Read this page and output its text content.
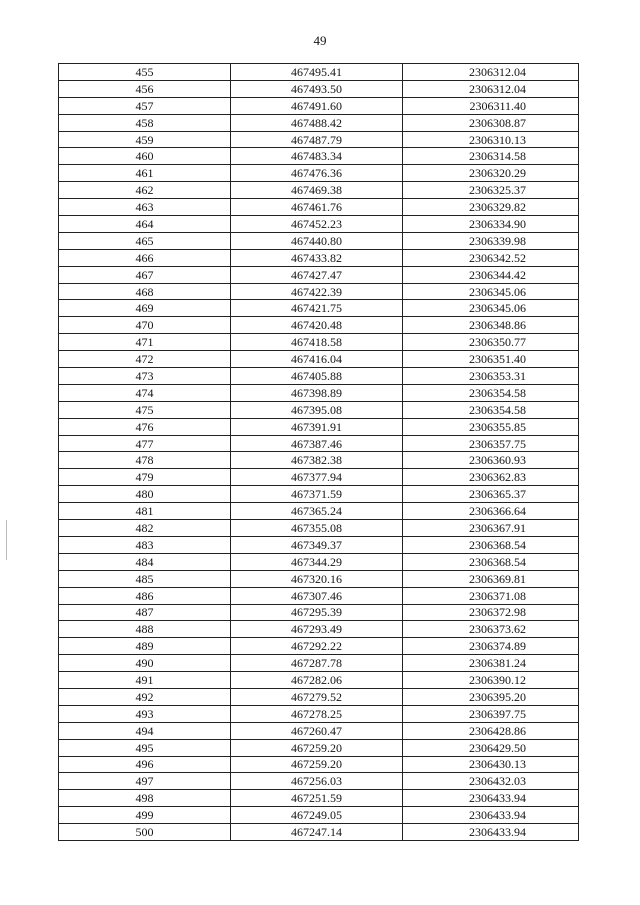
49
455	467495.41	2306312.04
456	467493.50	2306312.04
457	467491.60	2306311.40
458	467488.42	2306308.87
459	467487.79	2306310.13
460	467483.34	2306314.58
461	467476.36	2306320.29
462	467469.38	2306325.37
463	467461.76	2306329.82
464	467452.23	2306334.90
465	467440.80	2306339.98
466	467433.82	2306342.52
467	467427.47	2306344.42
468	467422.39	2306345.06
469	467421.75	2306345.06
470	467420.48	2306348.86
471	467418.58	2306350.77
472	467416.04	2306351.40
473	467405.88	2306353.31
474	467398.89	2306354.58
475	467395.08	2306354.58
476	467391.91	2306355.85
477	467387.46	2306357.75
478	467382.38	2306360.93
479	467377.94	2306362.83
480	467371.59	2306365.37
481	467365.24	2306366.64
482	467355.08	2306367.91
483	467349.37	2306368.54
484	467344.29	2306368.54
485	467320.16	2306369.81
486	467307.46	2306371.08
487	467295.39	2306372.98
488	467293.49	2306373.62
489	467292.22	2306374.89
490	467287.78	2306381.24
491	467282.06	2306390.12
492	467279.52	2306395.20
493	467278.25	2306397.75
494	467260.47	2306428.86
495	467259.20	2306429.50
496	467259.20	2306430.13
497	467256.03	2306432.03
498	467251.59	2306433.94
499	467249.05	2306433.94
500	467247.14	2306433.94
